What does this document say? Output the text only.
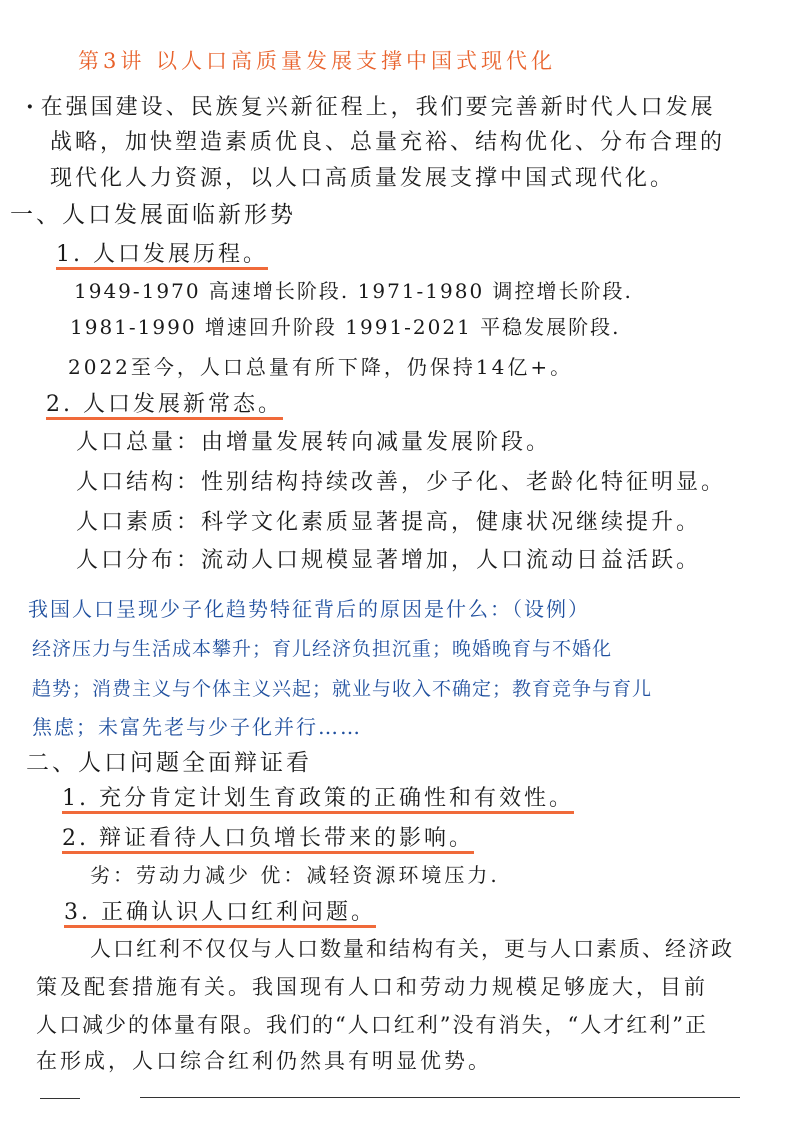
第3讲 以人口高质量发展支撑中国式现代化
· 在强国建设、民族复兴新征程上，我们要完善新时代人口发展
战略，加快塑造素质优良、总量充裕、结构优化、分布合理的
现代化人力资源，以人口高质量发展支撑中国式现代化。
一、人口发展面临新形势
1. 人口发展历程。
1949-1970 高速增长阶段. 1971-1980 调控增长阶段.
1981-1990 增速回升阶段 1991-2021 平稳发展阶段.
2022至今，人口总量有所下降，仍保持14亿+。
2. 人口发展新常态。
人口总量：由增量发展转向减量发展阶段。
人口结构：性别结构持续改善，少子化、老龄化特征明显。
人口素质：科学文化素质显著提高，健康状况继续提升。
人口分布：流动人口规模显著增加，人口流动日益活跃。
我国人口呈现少子化趋势特征背后的原因是什么：（设例）
经济压力与生活成本攀升；育儿经济负担沉重；晚婚晚育与不婚化
趋势；消费主义与个体主义兴起；就业与收入不确定；教育竞争与育儿
焦虑；未富先老与少子化并行……
二、人口问题全面辩证看
1. 充分肯定计划生育政策的正确性和有效性。
2. 辩证看待人口负增长带来的影响。
劣：劳动力减少 优：减轻资源环境压力.
3. 正确认识人口红利问题。
人口红利不仅仅与人口数量和结构有关，更与人口素质、经济政
策及配套措施有关。我国现有人口和劳动力规模足够庞大，目前
人口减少的体量有限。我们的“人口红利”没有消失，“人才红利”正
在形成，人口综合红利仍然具有明显优势。
